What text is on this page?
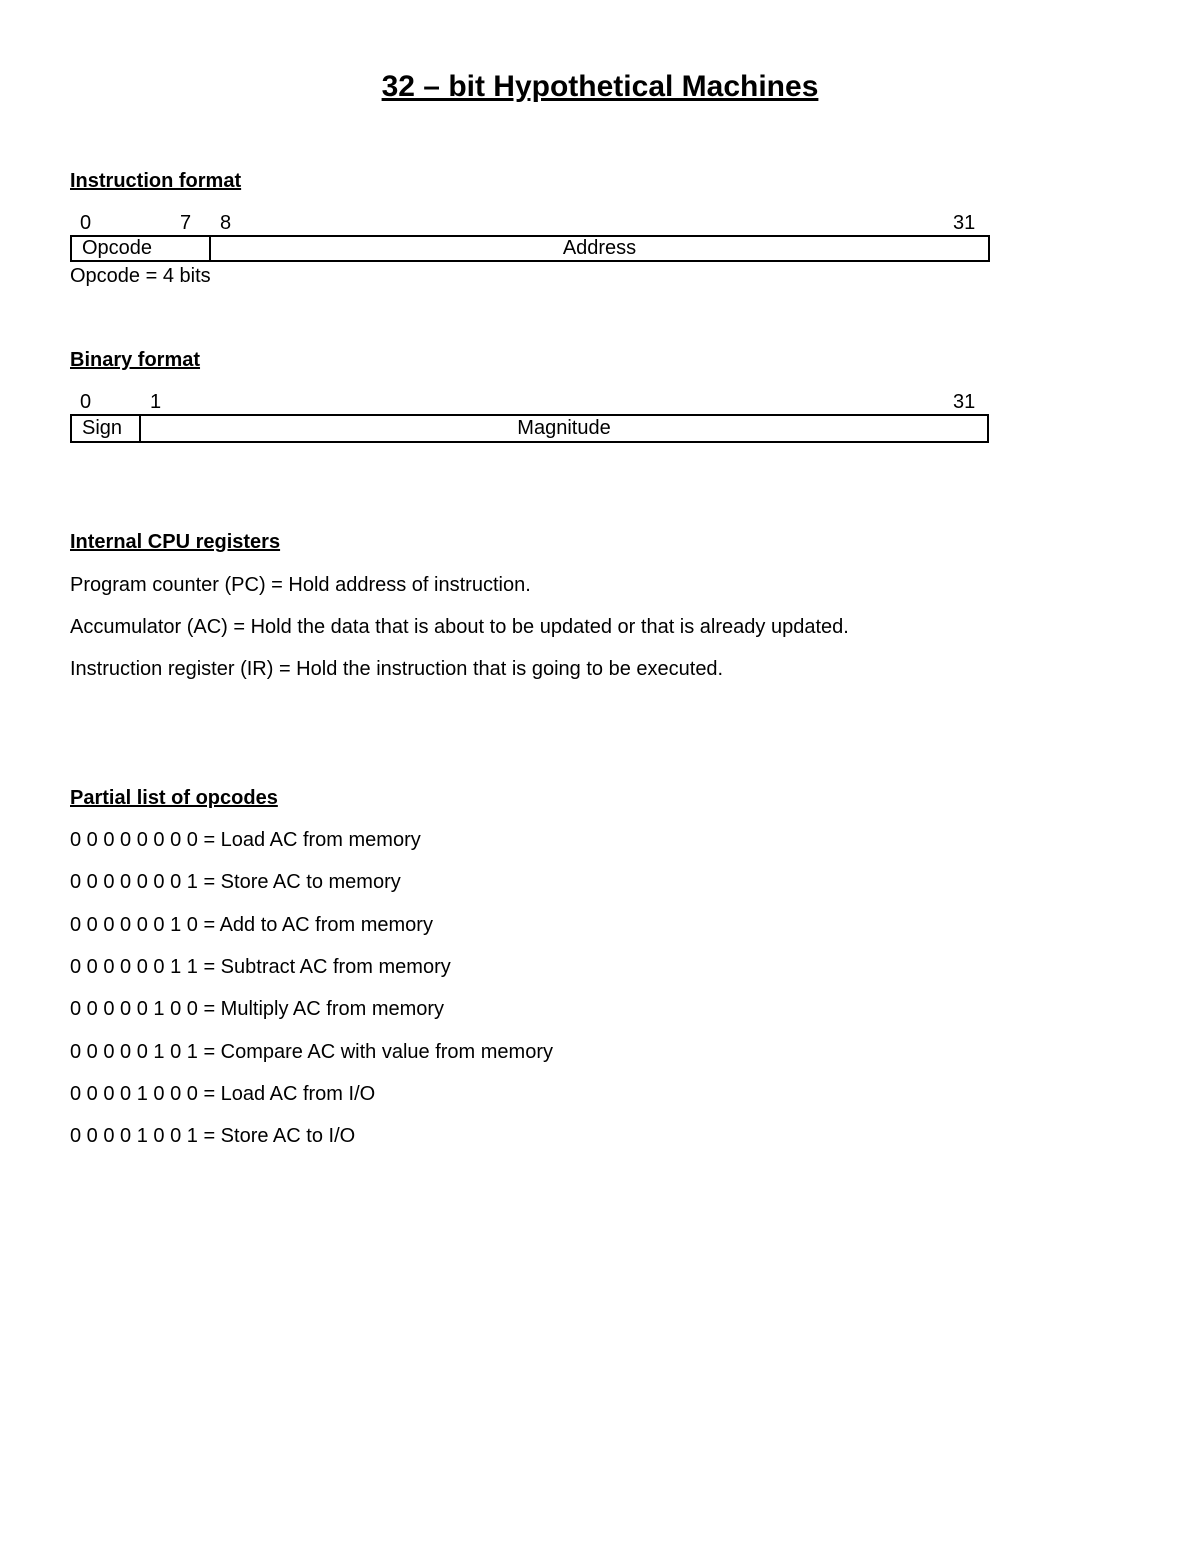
32 – bit Hypothetical Machines

Instruction format

0	7 8	31
Opcode	Address

Opcode = 4 bits

Binary format

0	1	31
Sign	Magnitude

Internal CPU registers

Program counter (PC) = Hold address of instruction.

Accumulator (AC) = Hold the data that is about to be updated or that is already updated.

Instruction register (IR) = Hold the instruction that is going to be executed.

Partial list of opcodes

0 0 0 0 0 0 0 0 = Load AC from memory

0 0 0 0 0 0 0 1 = Store AC to memory

0 0 0 0 0 0 1 0 = Add to AC from memory

0 0 0 0 0 0 1 1 = Subtract AC from memory

0 0 0 0 0 1 0 0 = Multiply AC from memory

0 0 0 0 0 1 0 1 = Compare AC with value from memory

0 0 0 0 1 0 0 0 = Load AC from I/O

0 0 0 0 1 0 0 1 = Store AC to I/O
